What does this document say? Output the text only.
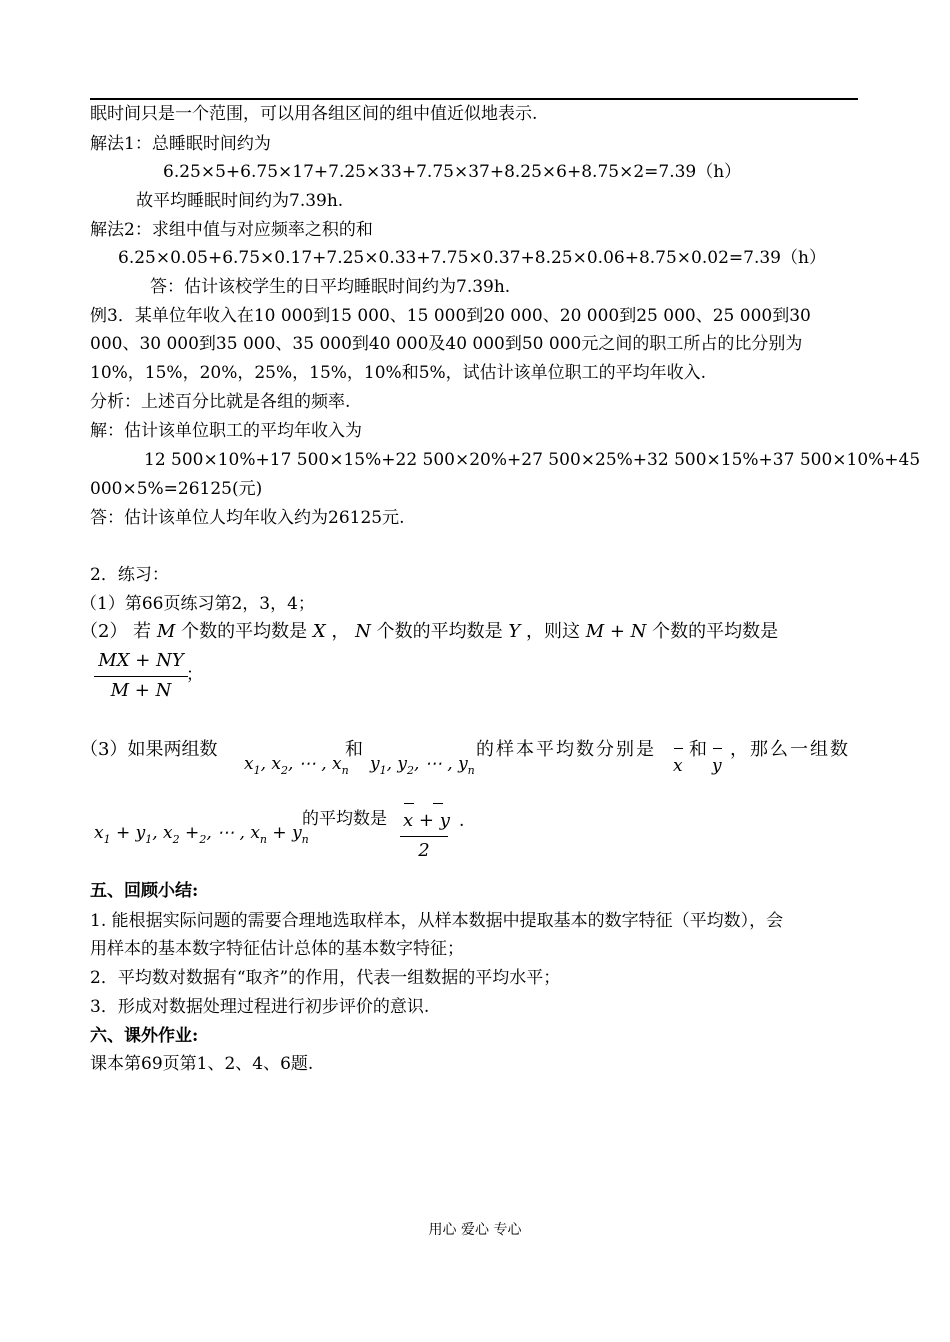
眠时间只是一个范围，可以用各组区间的组中值近似地表示.
解法1：总睡眠时间约为
6.25×5+6.75×17+7.25×33+7.75×37+8.25×6+8.75×2=7.39（h）
故平均睡眠时间约为7.39h.
解法2：求组中值与对应频率之积的和
6.25×0.05+6.75×0.17+7.25×0.33+7.75×0.37+8.25×0.06+8.75×0.02=7.39（h）
答：估计该校学生的日平均睡眠时间约为7.39h.
例3．某单位年收入在10 000到15 000、15 000到20 000、20 000到25 000、25 000到30
000、30 000到35 000、35 000到40 000及40 000到50 000元之间的职工所占的比分别为
10%，15%，20%，25%，15%，10%和5%，试估计该单位职工的平均年收入.
分析：上述百分比就是各组的频率.
解：估计该单位职工的平均年收入为
12 500×10%+17 500×15%+22 500×20%+27 500×25%+32 500×15%+37 500×10%+45
000×5%=26125(元)
答：估计该单位人均年收入约为26125元.
2．练习：
（1）第66页练习第2，3，4；
（2） 若 M 个数的平均数是 X ， N 个数的平均数是 Y ，则这 M + N 个数的平均数是
MX + NY
M + N
；
（3）如果两组数
$x_1$, $x_2$, ⋯ , $x_n$
和
$y_1$, $y_2$, ⋯ , $y_n$
的样本平均数分别是
x
和
y
，那么一组数
$x_1 + y_1$, $x_2 +_2$, ⋯ , $x_n + y_n$
的平均数是 x + y
2
.
五、回顾小结:
1. 能根据实际问题的需要合理地选取样本，从样本数据中提取基本的数字特征（平均数），会
用样本的基本数字特征估计总体的基本数字特征；
2．平均数对数据有“取齐”的作用，代表一组数据的平均水平；
3．形成对数据处理过程进行初步评价的意识.
六、课外作业:
课本第69页第1、2、4、6题.
用心 爱心 专心
